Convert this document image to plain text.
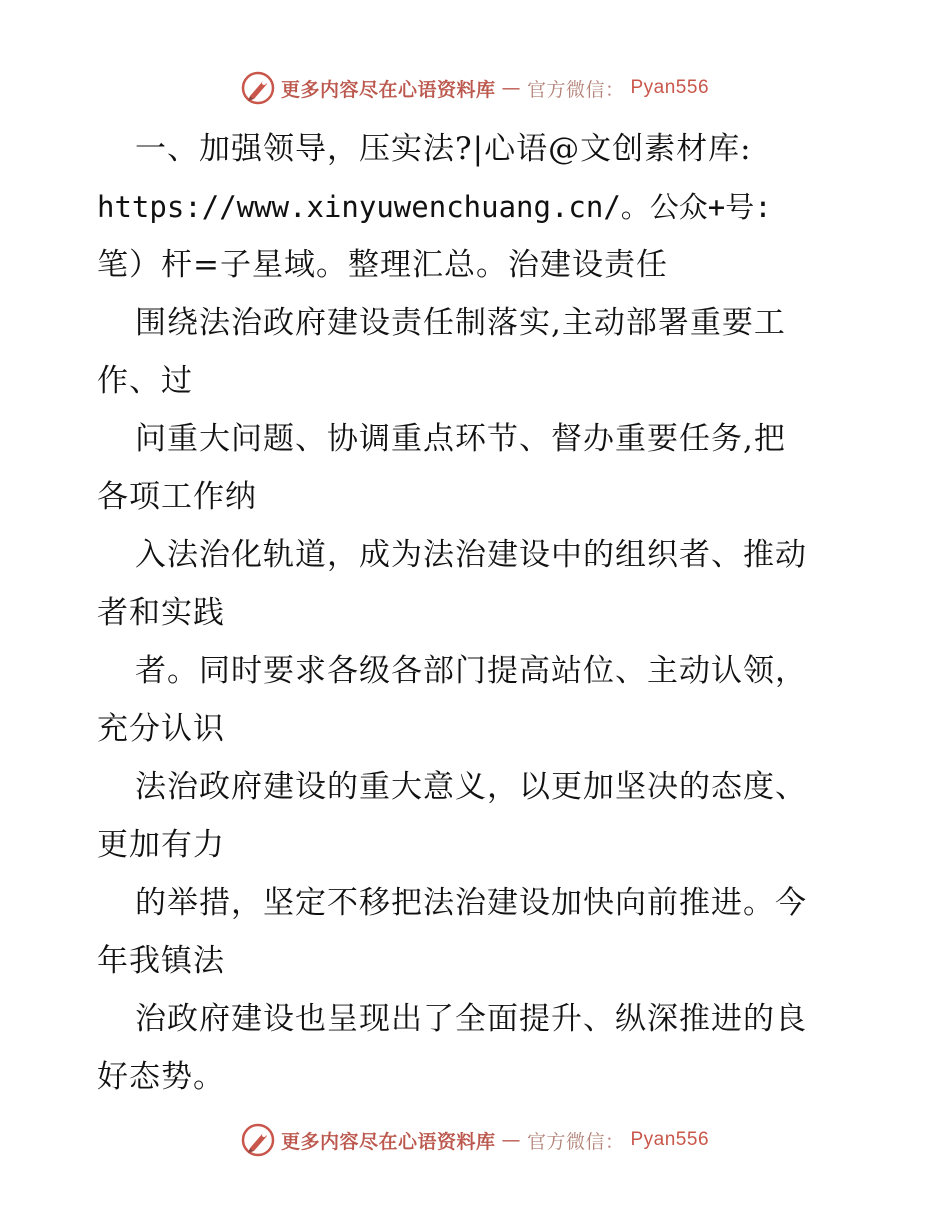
更多内容尽在心语资料库 — 官方微信： Pyan556
一、加强领导，压实法?|心语@文创素材库:
https://www.xinyuwenchuang.cn/。公众+号:
笔）杆=子星域。整理汇总。治建设责任
围绕法治政府建设责任制落实,主动部署重要工
作、过
问重大问题、协调重点环节、督办重要任务,把
各项工作纳
入法治化轨道，成为法治建设中的组织者、推动
者和实践
者。同时要求各级各部门提高站位、主动认领，
充分认识
法治政府建设的重大意义，以更加坚决的态度、
更加有力
的举措，坚定不移把法治建设加快向前推进。今
年我镇法
治政府建设也呈现出了全面提升、纵深推进的良
好态势。
更多内容尽在心语资料库 — 官方微信： Pyan556
